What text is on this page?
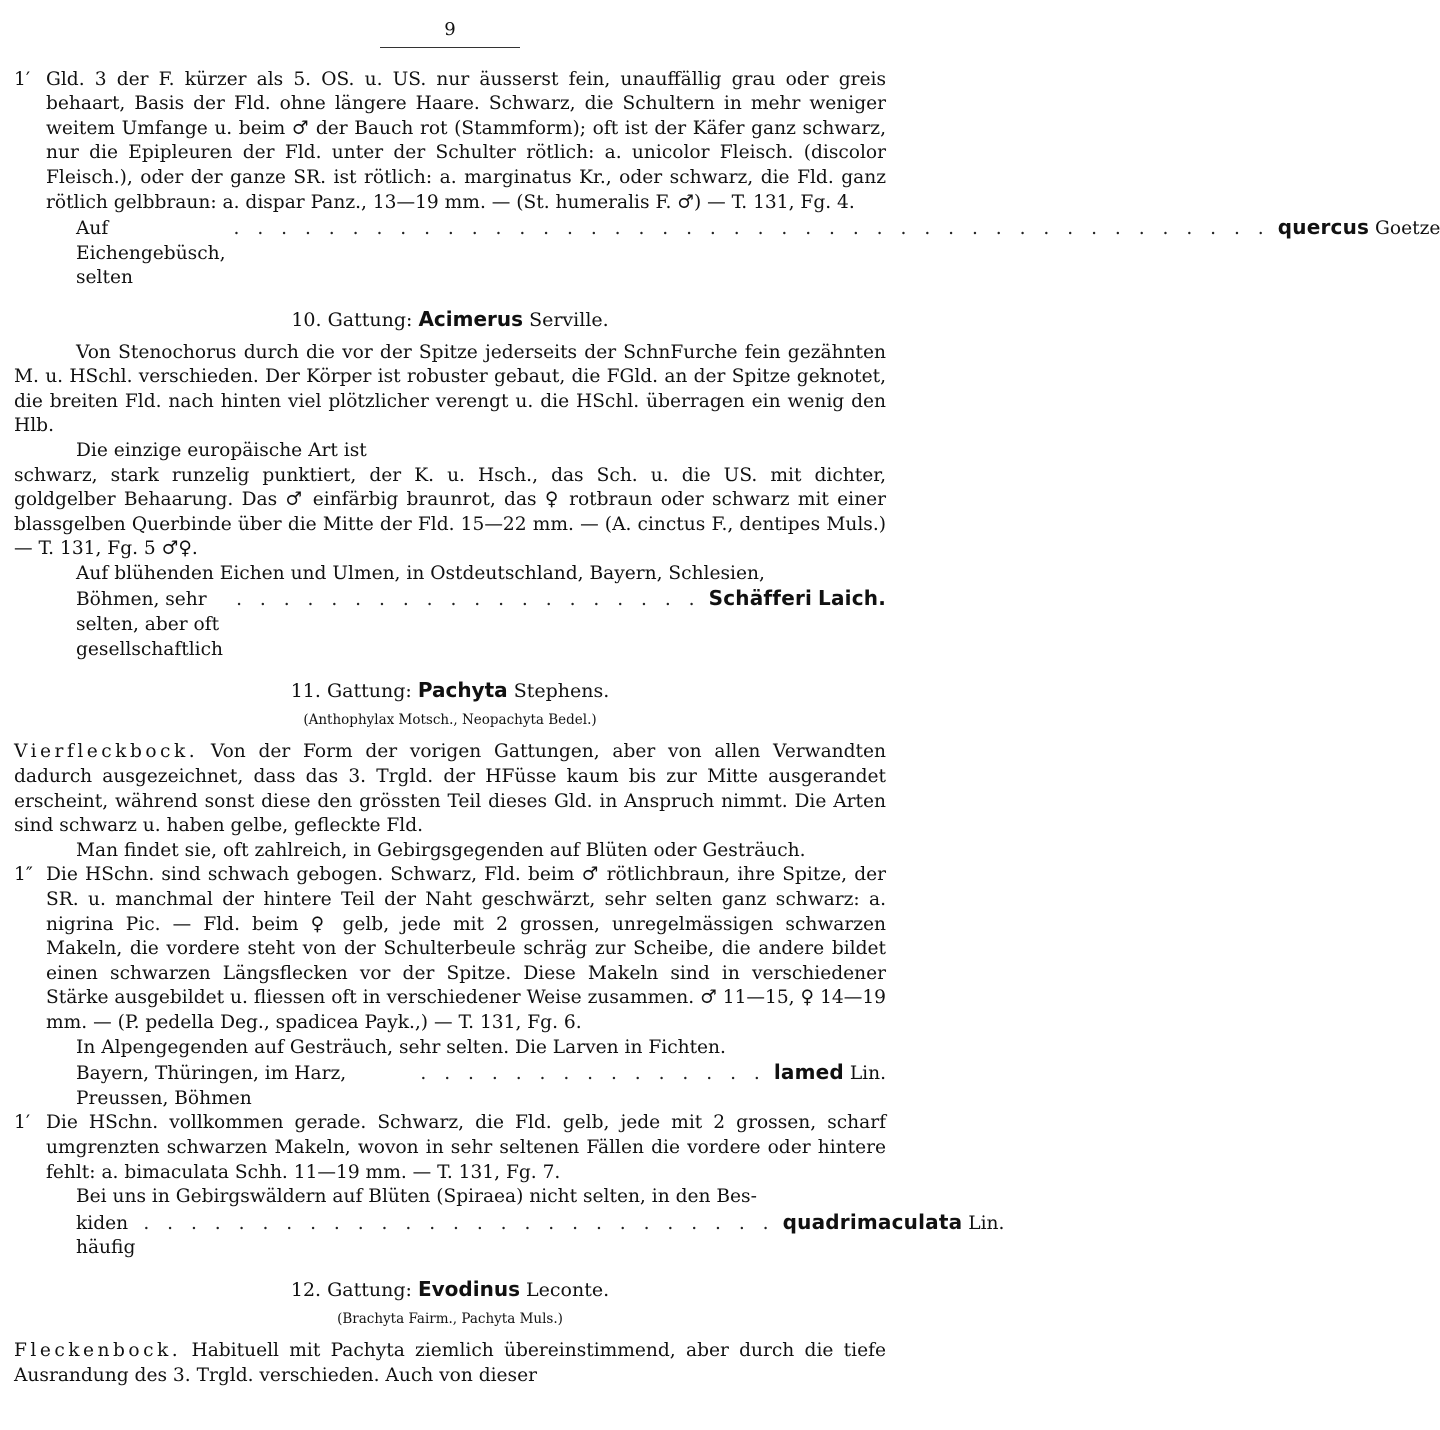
9

1′ Gld. 3 der F. kürzer als 5. OS. u. US. nur äusserst fein, unauffällig grau oder greis behaart, Basis der Fld. ohne längere Haare. Schwarz, die Schultern in mehr weniger weitem Umfange u. beim ♂ der Bauch rot (Stammform); oft ist der Käfer ganz schwarz, nur die Epipleuren der Fld. unter der Schulter rötlich: a. unicolor Fleisch. (discolor Fleisch.), oder der ganze SR. ist rötlich: a. marginatus Kr., oder schwarz, die Fld. ganz rötlich gelbbraun: a. dispar Panz., 13—19 mm. — (St. humeralis F. ♂) — T. 131, Fg. 4.

Auf Eichengebüsch, selten
. . . . . . . . . . . . . . . . . . . . . . . . . . . . . . . . . . . . . . . . . . . . quercus
Goetze
10. Gattung: Acimerus Serville.

Von Stenochorus durch die vor der Spitze jederseits der SchnFurche fein gezähnten M. u. HSchl. verschieden. Der Körper ist robuster gebaut, die FGld. an der Spitze geknotet, die breiten Fld. nach hinten viel plötzlicher verengt u. die HSchl. überragen ein wenig den Hlb.

Die einzige europäische Art ist

schwarz, stark runzelig punktiert, der K. u. Hsch., das Sch. u. die US. mit dichter, goldgelber Behaarung. Das ♂ einfärbig braunrot, das ♀ rotbraun oder schwarz mit einer blassgelben Querbinde über die Mitte der Fld. 15—22 mm. — (A. cinctus F., dentipes Muls.) — T. 131, Fg. 5 ♂♀.

Auf blühenden Eichen und Ulmen, in Ostdeutschland, Bayern, Schlesien,

Böhmen, sehr selten, aber oft gesellschaftlich
. . . . . . . . . . . . . . . . . . . . Schäfferi
Laich.
11. Gattung: Pachyta Stephens.
(Anthophylax Motsch., Neopachyta Bedel.)

Vierfleckbock. Von der Form der vorigen Gattungen, aber von allen Verwandten dadurch ausgezeichnet, dass das 3. Trgld. der HFüsse kaum bis zur Mitte ausgerandet erscheint, während sonst diese den grössten Teil dieses Gld. in Anspruch nimmt. Die Arten sind schwarz u. haben gelbe, gefleckte Fld.

Man findet sie, oft zahlreich, in Gebirgsgegenden auf Blüten oder Gesträuch.

1″ Die HSchn. sind schwach gebogen. Schwarz, Fld. beim ♂ rötlichbraun, ihre Spitze, der SR. u. manchmal der hintere Teil der Naht geschwärzt, sehr selten ganz schwarz: a. nigrina Pic. — Fld. beim ♀ gelb, jede mit 2 grossen, unregelmässigen schwarzen Makeln, die vordere steht von der Schulterbeule schräg zur Scheibe, die andere bildet einen schwarzen Längsflecken vor der Spitze. Diese Makeln sind in verschiedener Stärke ausgebildet u. fliessen oft in verschiedener Weise zusammen. ♂ 11—15, ♀ 14—19 mm. — (P. pedella Deg., spadicea Payk.,) — T. 131, Fg. 6.

In Alpengegenden auf Gesträuch, sehr selten. Die Larven in Fichten.

Bayern, Thüringen, im Harz, Preussen, Böhmen
. . . . . . . . . . . . . . . lamed
Lin.

1′ Die HSchn. vollkommen gerade. Schwarz, die Fld. gelb, jede mit 2 grossen, scharf umgrenzten schwarzen Makeln, wovon in sehr seltenen Fällen die vordere oder hintere fehlt: a. bimaculata Schh. 11—19 mm. — T. 131, Fg. 7.

Bei uns in Gebirgswäldern auf Blüten (Spiraea) nicht selten, in den Bes-

kiden häufig
. . . . . . . . . . . . . . . . . . . . . . . . . . . quadrimaculata
Lin.
12. Gattung: Evodinus Leconte.
(Brachyta Fairm., Pachyta Muls.)

Fleckenbock. Habituell mit Pachyta ziemlich übereinstimmend, aber durch die tiefe Ausrandung des 3. Trgld. verschieden. Auch von dieser
